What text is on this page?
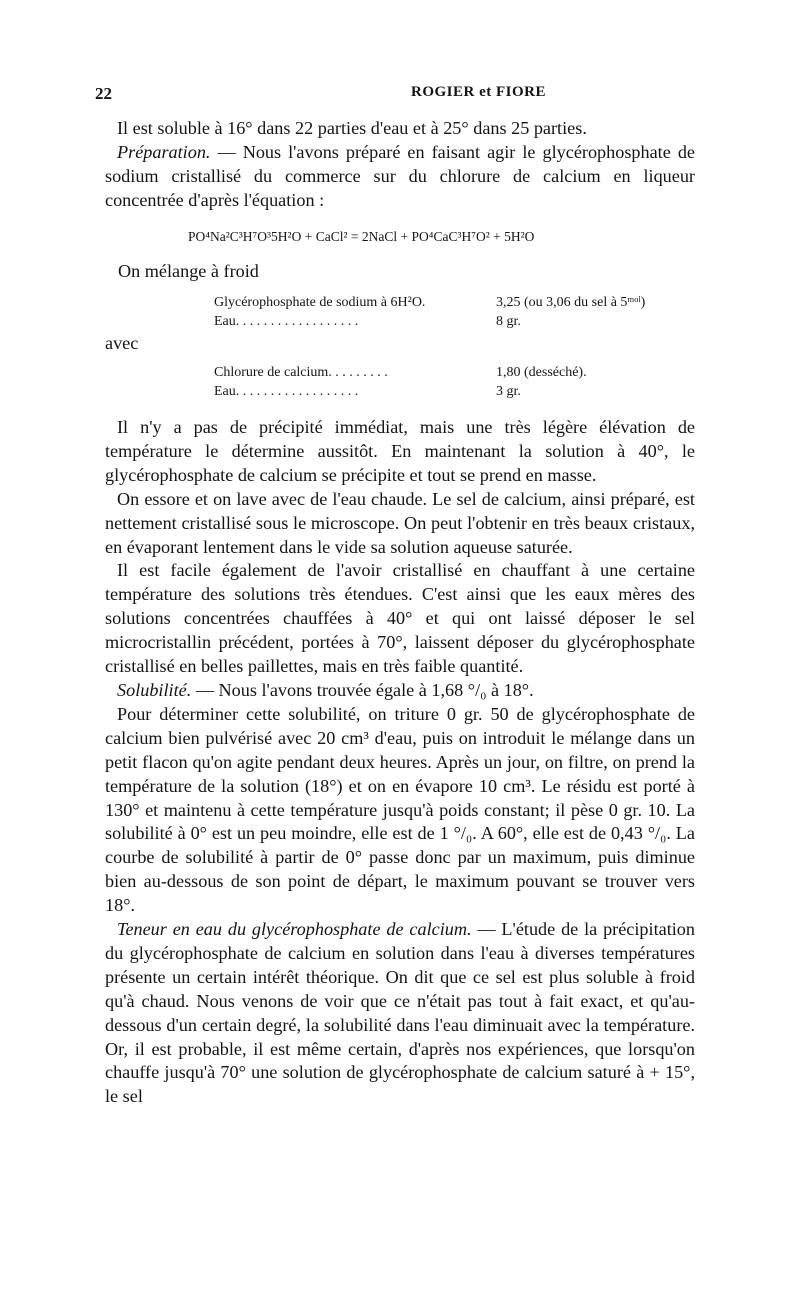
22	ROGIER et FIORE

Il est soluble à 16° dans 22 parties d'eau et à 25° dans 25 parties.

Préparation. — Nous l'avons préparé en faisant agir le glycérophosphate de sodium cristallisé du commerce sur du chlorure de calcium en liqueur concentrée d'après l'équation :

PO⁴Na²C³H⁷O³5H²O + CaCl² = 2NaCl + PO⁴CaC³H⁷O² + 5H²O
On mélange à froid
Glycérophosphate de sodium à 6H²O.	3,25 (ou 3,06 du sel à 5ᵐᵒˡ)
Eau. . . . . . . . . . . . . . . . . .	8 gr.
avec
Chlorure de calcium. . . . . . . . .	1,80 (desséché).
Eau. . . . . . . . . . . . . . . . . .	3 gr.

Il n'y a pas de précipité immédiat, mais une très légère élévation de température le détermine aussitôt. En maintenant la solution à 40°, le glycérophosphate de calcium se précipite et tout se prend en masse.

On essore et on lave avec de l'eau chaude. Le sel de calcium, ainsi préparé, est nettement cristallisé sous le microscope. On peut l'obtenir en très beaux cristaux, en évaporant lentement dans le vide sa solution aqueuse saturée.

Il est facile également de l'avoir cristallisé en chauffant à une certaine température des solutions très étendues. C'est ainsi que les eaux mères des solutions concentrées chauffées à 40° et qui ont laissé déposer le sel microcristallin précédent, portées à 70°, laissent déposer du glycérophosphate cristallisé en belles paillettes, mais en très faible quantité.

Solubilité. — Nous l'avons trouvée égale à 1,68 °/₀ à 18°.

Pour déterminer cette solubilité, on triture 0 gr. 50 de glycérophosphate de calcium bien pulvérisé avec 20 cm³ d'eau, puis on introduit le mélange dans un petit flacon qu'on agite pendant deux heures. Après un jour, on filtre, on prend la température de la solution (18°) et on en évapore 10 cm³. Le résidu est porté à 130° et maintenu à cette température jusqu'à poids constant; il pèse 0 gr. 10. La solubilité à 0° est un peu moindre, elle est de 1 °/₀. A 60°, elle est de 0,43 °/₀. La courbe de solubilité à partir de 0° passe donc par un maximum, puis diminue bien au-dessous de son point de départ, le maximum pouvant se trouver vers 18°.

Teneur en eau du glycérophosphate de calcium. — L'étude de la précipitation du glycérophosphate de calcium en solution dans l'eau à diverses températures présente un certain intérêt théorique. On dit que ce sel est plus soluble à froid qu'à chaud. Nous venons de voir que ce n'était pas tout à fait exact, et qu'au-dessous d'un certain degré, la solubilité dans l'eau diminuait avec la température. Or, il est probable, il est même certain, d'après nos expériences, que lorsqu'on chauffe jusqu'à 70° une solution de glycérophosphate de calcium saturé à + 15°, le sel
